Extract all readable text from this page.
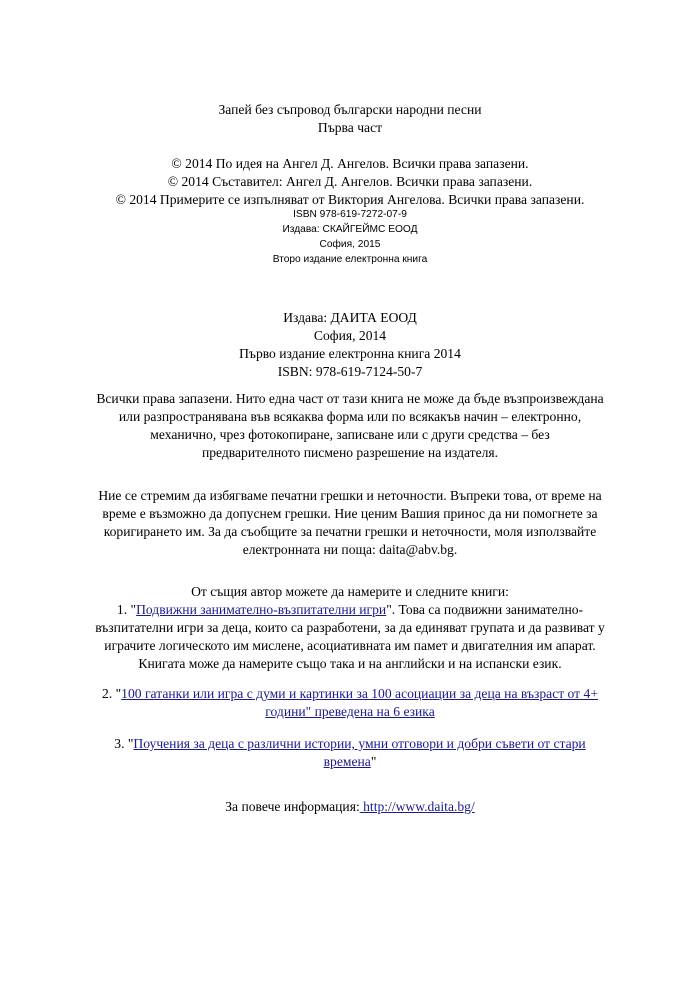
Запей без съпровод български народни песни
Първа част
© 2014 По идея на Ангел Д. Ангелов. Всички права запазени.
© 2014 Съставител: Ангел Д. Ангелов. Всички права запазени.
© 2014 Примерите се изпълняват от Виктория Ангелова. Всички права запазени.
ISBN 978-619-7272-07-9
Издава: СКАЙГЕЙМС ЕООД
София, 2015
Второ издание електронна книга
Издава: ДАИТА ЕООД
София, 2014
Първо издание електронна книга 2014
ISBN: 978-619-7124-50-7
Всички права запазени. Нито една част от тази книга не може да бъде възпроизвеждана
или разпространявана във всякаква форма или по всякакъв начин – електронно,
механично, чрез фотокопиране, записване или с други средства – без
предварителното писмено разрешение на издателя.
Ние се стремим да избягваме печатни грешки и неточности. Въпреки това, от време на
време е възможно да допуснем грешки. Ние ценим Вашия принос да ни помогнете за
коригирането им. За да съобщите за печатни грешки и неточности, моля използвайте
електронната ни поща: daita@abv.bg.
От същия автор можете да намерите и следните книги:
1. "Подвижни занимателно-възпитателни игри". Това са подвижни занимателно-
възпитателни игри за деца, които са разработени, за да единяват групата и да развиват у
играчите логическото им мислене, асоциативната им памет и двигателния им апарат.
Книгата може да намерите също така и на английски и на испански език.
2. "100 гатанки или игра с думи и картинки за 100 асоциации за деца на възраст от 4+
години" преведена на 6 езика
3. "Поучения за деца с различни истории, умни отговори и добри съвети от стари
времена"
За повече информация: http://www.daita.bg/
